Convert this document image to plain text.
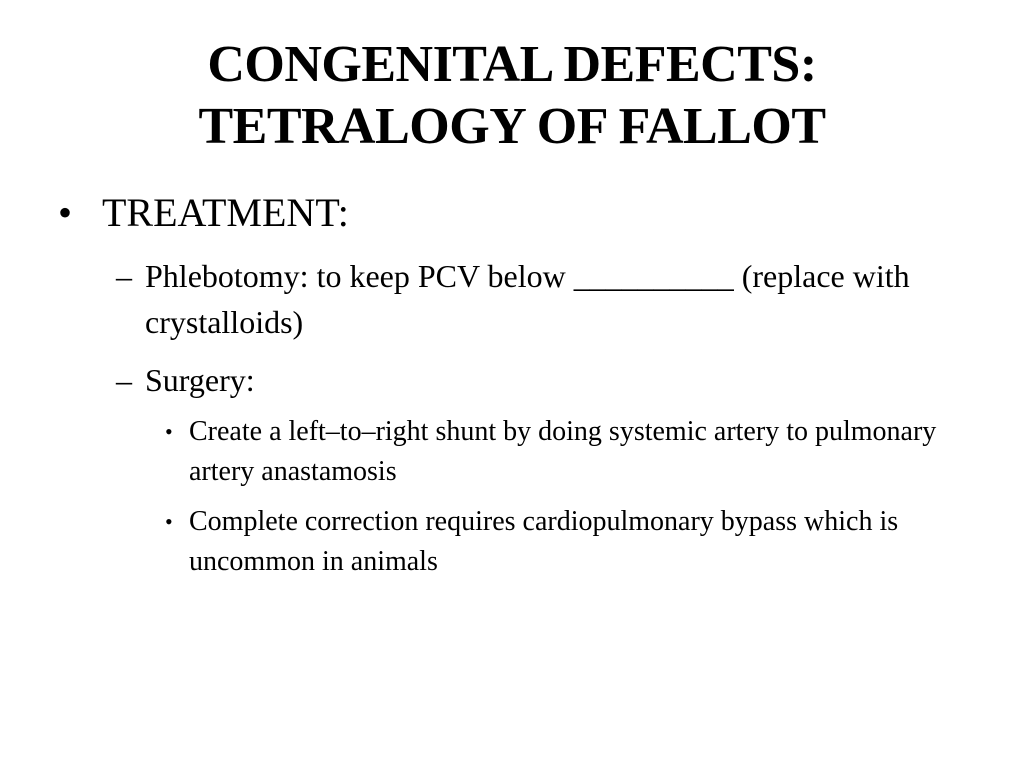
CONGENITAL DEFECTS:
TETRALOGY OF FALLOT
• TREATMENT:
– Phlebotomy: to keep PCV below __________ (replace with crystalloids)
– Surgery:
• Create a left–to–right shunt by doing systemic artery to pulmonary artery anastamosis
• Complete correction requires cardiopulmonary bypass which is uncommon in animals
